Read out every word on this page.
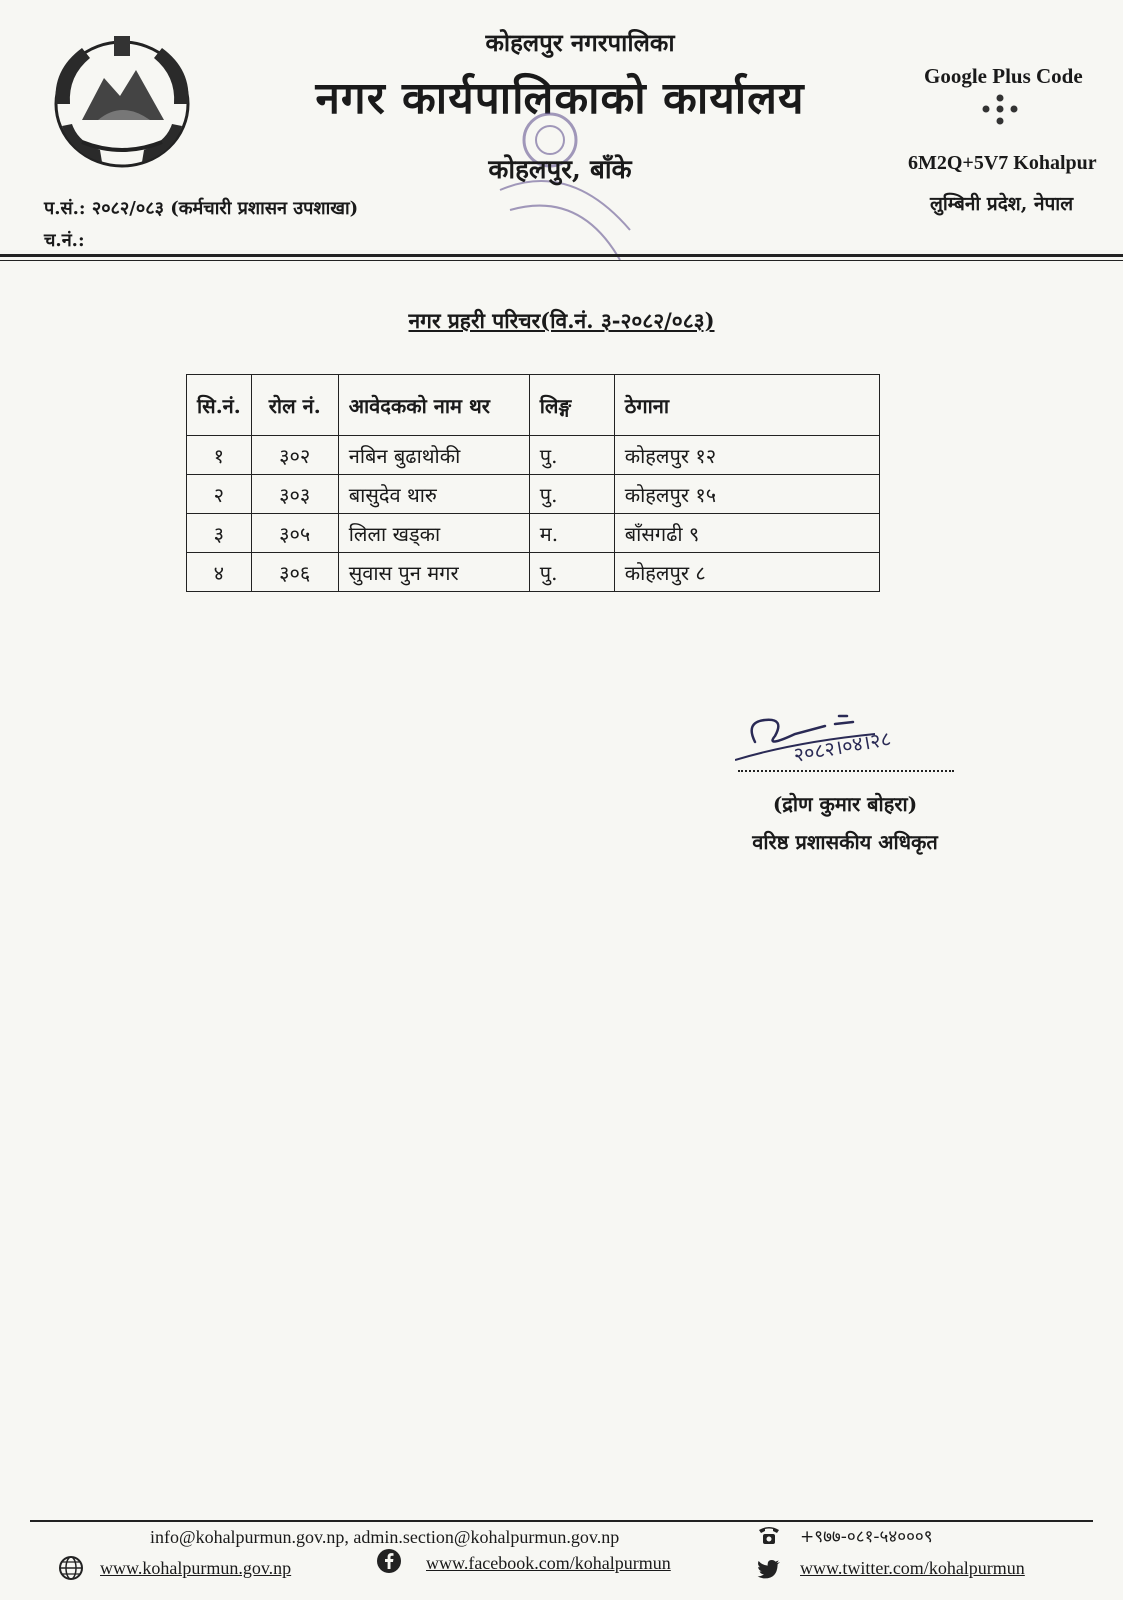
कोहलपुर नगरपालिका
नगर कार्यपालिकाको कार्यालय
कोहलपुर, बाँके
प.सं.: २०८२/०८३ (कर्मचारी प्रशासन उपशाखा)
च.नं.:
Google Plus Code
6M2Q+5V7 Kohalpur
लुम्बिनी प्रदेश, नेपाल
नगर प्रहरी परिचर(वि.नं. ३-२०८२/०८३)
सि.नं.	रोल नं.	आवेदकको नाम थर	लिङ्ग	ठेगाना
१	३०२	नबिन बुढाथोकी	पु.	कोहलपुर १२
२	३०३	बासुदेव थारु	पु.	कोहलपुर १५
३	३०५	लिला खड्का	म.	बाँसगढी ९
४	३०६	सुवास पुन मगर	पु.	कोहलपुर ८
२०८२।०४।२८
(द्रोण कुमार बोहरा)
वरिष्ठ प्रशासकीय अधिकृत
info@kohalpurmun.gov.np, admin.section@kohalpurmun.gov.np
www.kohalpurmun.gov.np	www.facebook.com/kohalpurmun
+९७७-०८१-५४०००९
www.twitter.com/kohalpurmun
